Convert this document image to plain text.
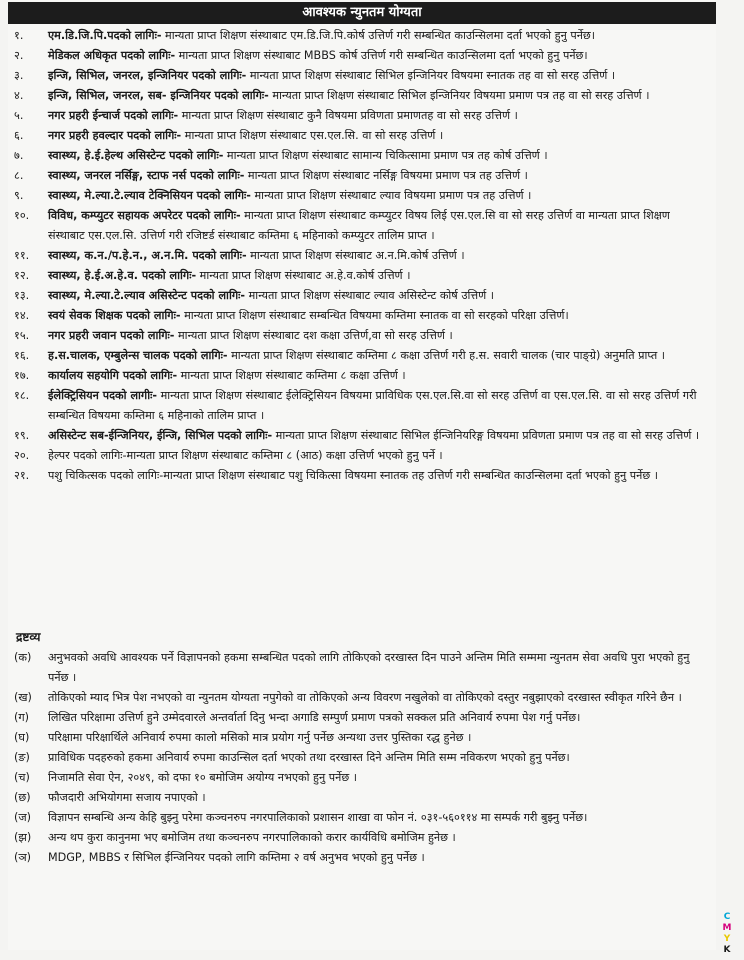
आवश्यक न्युनतम योग्यता
१.	एम.डि.जि.पि.पदको लागिः- मान्यता प्राप्त शिक्षण संस्थाबाट एम.डि.जि.पि.कोर्ष उत्तिर्ण गरी सम्बन्धित काउन्सिलमा दर्ता भएको हुनु पर्नेछ।
२.	मेडिकल अधिकृत पदको लागिः- मान्यता प्राप्त शिक्षण संस्थाबाट MBBS कोर्ष उत्तिर्ण गरी सम्बन्धित काउन्सिलमा दर्ता भएको हुनु पर्नेछ।
३.	इन्जि, सिभिल, जनरल, इन्जिनियर पदको लागिः- मान्यता प्राप्त शिक्षण संस्थाबाट सिभिल इन्जिनियर विषयमा स्नातक तह वा सो सरह उत्तिर्ण ।
४.	इन्जि, सिभिल, जनरल, सब- इन्जिनियर पदको लागिः- मान्यता प्राप्त शिक्षण संस्थाबाट सिभिल इन्जिनियर विषयमा प्रमाण पत्र तह वा सो सरह उत्तिर्ण ।
५.	नगर प्रहरी ईन्चार्ज पदको लागिः- मान्यता प्राप्त शिक्षण संस्थाबाट कुनै विषयमा प्रविणता प्रमाणतह वा सो सरह उत्तिर्ण ।
६.	नगर प्रहरी हवल्दार पदको लागिः- मान्यता प्राप्त शिक्षण संस्थाबाट एस.एल.सि. वा सो सरह उत्तिर्ण ।
७.	स्वास्थ्य, हे.ई.हेल्थ असिस्टेन्ट पदको लागिः- मान्यता प्राप्त शिक्षण संस्थाबाट सामान्य चिकित्सामा प्रमाण पत्र तह कोर्ष उत्तिर्ण ।
८.	स्वास्थ्य, जनरल नर्सिङ्ग, स्टाफ नर्स पदको लागिः- मान्यता प्राप्त शिक्षण संस्थाबाट नर्सिङ्ग विषयमा प्रमाण पत्र तह उत्तिर्ण ।
९.	स्वास्थ्य, मे.ल्या.टे.ल्याव टेक्निसियन पदको लागिः- मान्यता प्राप्त शिक्षण संस्थाबाट ल्याव विषयमा प्रमाण पत्र तह उत्तिर्ण ।
१०.	विविध, कम्प्युटर सहायक अपरेटर पदको लागिः- मान्यता प्राप्त शिक्षण संस्थाबाट कम्प्युटर विषय लिई एस.एल.सि वा सो सरह उत्तिर्ण वा मान्यता प्राप्त शिक्षण संस्थाबाट एस.एल.सि. उत्तिर्ण गरी रजिष्टर्ड संस्थाबाट कम्तिमा ६ महिनाको कम्प्युटर तालिम प्राप्त ।
११.	स्वास्थ्य, क.न./प.हे.न., अ.न.मि. पदको लागिः- मान्यता प्राप्त शिक्षण संस्थाबाट अ.न.मि.कोर्ष उत्तिर्ण ।
१२.	स्वास्थ्य, हे.ई.अ.हे.व. पदको लागिः- मान्यता प्राप्त शिक्षण संस्थाबाट अ.हे.व.कोर्ष उत्तिर्ण ।
१३.	स्वास्थ्य, मे.ल्या.टे.ल्याव असिस्टेन्ट पदको लागिः- मान्यता प्राप्त शिक्षण संस्थाबाट ल्याव असिस्टेन्ट कोर्ष उत्तिर्ण ।
१४.	स्वयं सेवक शिक्षक पदको लागिः- मान्यता प्राप्त शिक्षण संस्थाबाट सम्बन्धित विषयमा कम्तिमा स्नातक वा सो सरहको परिक्षा उत्तिर्ण।
१५.	नगर प्रहरी जवान पदको लागिः- मान्यता प्राप्त शिक्षण संस्थाबाट दश कक्षा उत्तिर्ण,वा सो सरह उत्तिर्ण ।
१६.	ह.स.चालक, एम्बुलेन्स चालक पदको लागिः- मान्यता प्राप्त शिक्षण संस्थाबाट कम्तिमा ८ कक्षा उत्तिर्ण गरी ह.स. सवारी चालक (चार पाङ्ग्रे) अनुमति प्राप्त ।
१७.	कार्यालय सहयोगि पदको लागिः- मान्यता प्राप्त शिक्षण संस्थाबाट कम्तिमा ८ कक्षा उत्तिर्ण ।
१८.	ईलेक्ट्रिसियन पदको लागीः- मान्यता प्राप्त शिक्षण संस्थाबाट ईलेक्ट्रिसियन विषयमा प्राविधिक एस.एल.सि.वा सो सरह उत्तिर्ण वा एस.एल.सि. वा सो सरह उत्तिर्ण गरी सम्बन्धित विषयमा कम्तिमा ६ महिनाको तालिम प्राप्त ।
१९.	असिस्टेन्ट सब-ईन्जिनियर, ईन्जि, सिभिल पदको लागिः- मान्यता प्राप्त शिक्षण संस्थाबाट सिभिल ईन्जिनियरिङ्ग विषयमा प्रविणता प्रमाण पत्र तह वा सो सरह उत्तिर्ण ।
२०.	हेल्पर पदको लागिः-मान्यता प्राप्त शिक्षण संस्थाबाट कम्तिमा ८ (आठ) कक्षा उत्तिर्ण भएको हुनु पर्ने ।
२१.	पशु चिकित्सक पदको लागिः-मान्यता प्राप्त शिक्षण संस्थाबाट पशु चिकित्सा विषयमा स्नातक तह उत्तिर्ण गरी सम्बन्धित काउन्सिलमा दर्ता भएको हुनु पर्नेछ ।
द्रष्टव्य
(क)	अनुभवको अवधि आवश्यक पर्ने विज्ञापनको हकमा सम्बन्धित पदको लागि तोकिएको दरखास्त दिन पाउने अन्तिम मिति सम्ममा न्युनतम सेवा अवधि पुरा भएको हुनु पर्नेछ ।
(ख)	तोकिएको म्याद भित्र पेश नभएको वा न्युनतम योग्यता नपुगेको वा तोकिएको अन्य विवरण नखुलेको वा तोकिएको दस्तुर नबुझाएको दरखास्त स्वीकृत गरिने छैन ।
(ग)	लिखित परिक्षामा उत्तिर्ण हुने उम्मेदवारले अन्तर्वार्ता दिनु भन्दा अगाडि सम्पुर्ण प्रमाण पत्रको सक्कल प्रति अनिवार्य रुपमा पेश गर्नु पर्नेछ।
(घ)	परिक्षामा परिक्षार्थिले अनिवार्य रुपमा कालो मसिको मात्र प्रयोग गर्नु पर्नेछ अन्यथा उत्तर पुस्तिका रद्ध हुनेछ ।
(ङ)	प्राविधिक पदहरुको हकमा अनिवार्य रुपमा काउन्सिल दर्ता भएको तथा दरखास्त दिने अन्तिम मिति सम्म नविकरण भएको हुनु पर्नेछ।
(च)	निजामति सेवा ऐन, २०४९, को दफा १० बमोजिम अयोग्य नभएको हुनु पर्नेछ ।
(छ)	फौजदारी अभियोगमा सजाय नपाएको ।
(ज)	विज्ञापन सम्बन्धि अन्य केहि बुझ्नु परेमा कञ्चनरुप नगरपालिकाको प्रशासन शाखा वा फोन नं. ०३१-५६०११४ मा सम्पर्क गरी बुझ्नु पर्नेछ।
(झ)	अन्य थप कुरा कानुनमा भए बमोजिम तथा कञ्चनरुप नगरपालिकाको करार कार्यविधि बमोजिम हुनेछ ।
(ञ)	MDGP, MBBS र सिभिल ईन्जिनियर पदको लागि कम्तिमा २ वर्ष अनुभव भएको हुनु पर्नेछ ।
C
M
Y
K
